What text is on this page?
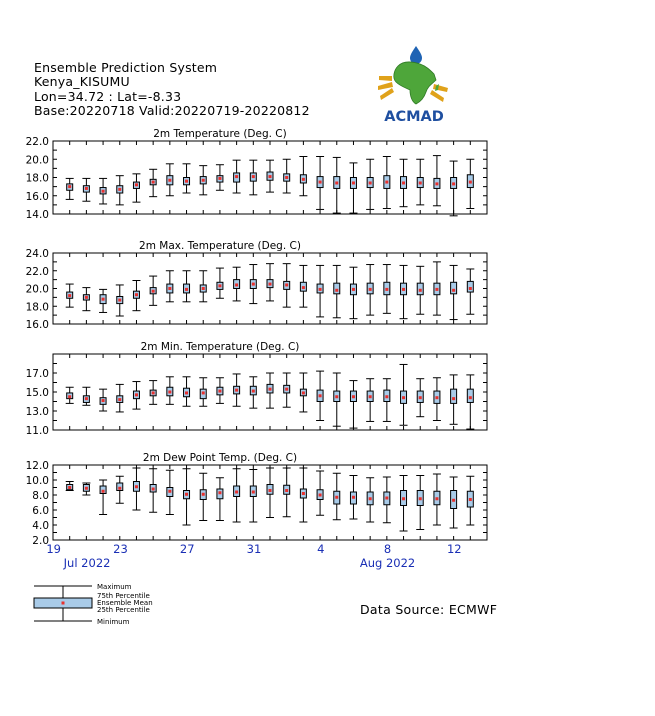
Ensemble Prediction System
Kenya_KISUMU
Lon=34.72 : Lat=-8.33
Base:20220718 Valid:20220719-20220812	ACMAD
2m Temperature (Deg. C)
14.0
16.0
18.0
20.0
22.0
2m Max. Temperature (Deg. C)
16.0
18.0
20.0
22.0
24.0
2m Min. Temperature (Deg. C)
11.0
13.0
15.0
17.0
2m Dew Point Temp. (Deg. C)
2.0
4.0
6.0
8.0
10.0
12.0
19	23	27	31	4	8	12
Jul 2022	Aug 2022
Maximum
75th Percentile
Ensemble Mean
25th Percentile
Minimum
Data Source: ECMWF
